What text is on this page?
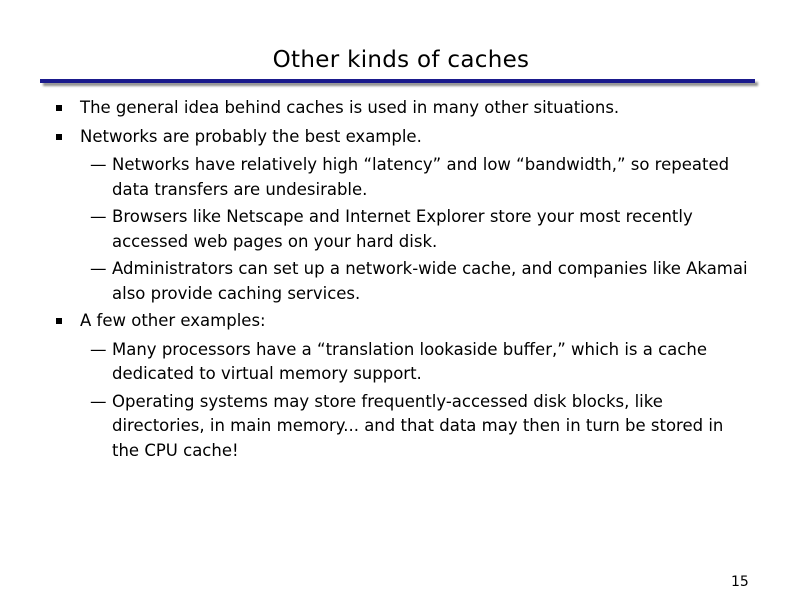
Other kinds of caches
The general idea behind caches is used in many other situations.
Networks are probably the best example.
— Networks have relatively high “latency” and low “bandwidth,” so repeated data transfers are undesirable.
— Browsers like Netscape and Internet Explorer store your most recently accessed web pages on your hard disk.
— Administrators can set up a network-wide cache, and companies like Akamai also provide caching services.
A few other examples:
— Many processors have a “translation lookaside buffer,” which is a cache dedicated to virtual memory support.
— Operating systems may store frequently-accessed disk blocks, like directories, in main memory... and that data may then in turn be stored in the CPU cache!
15
